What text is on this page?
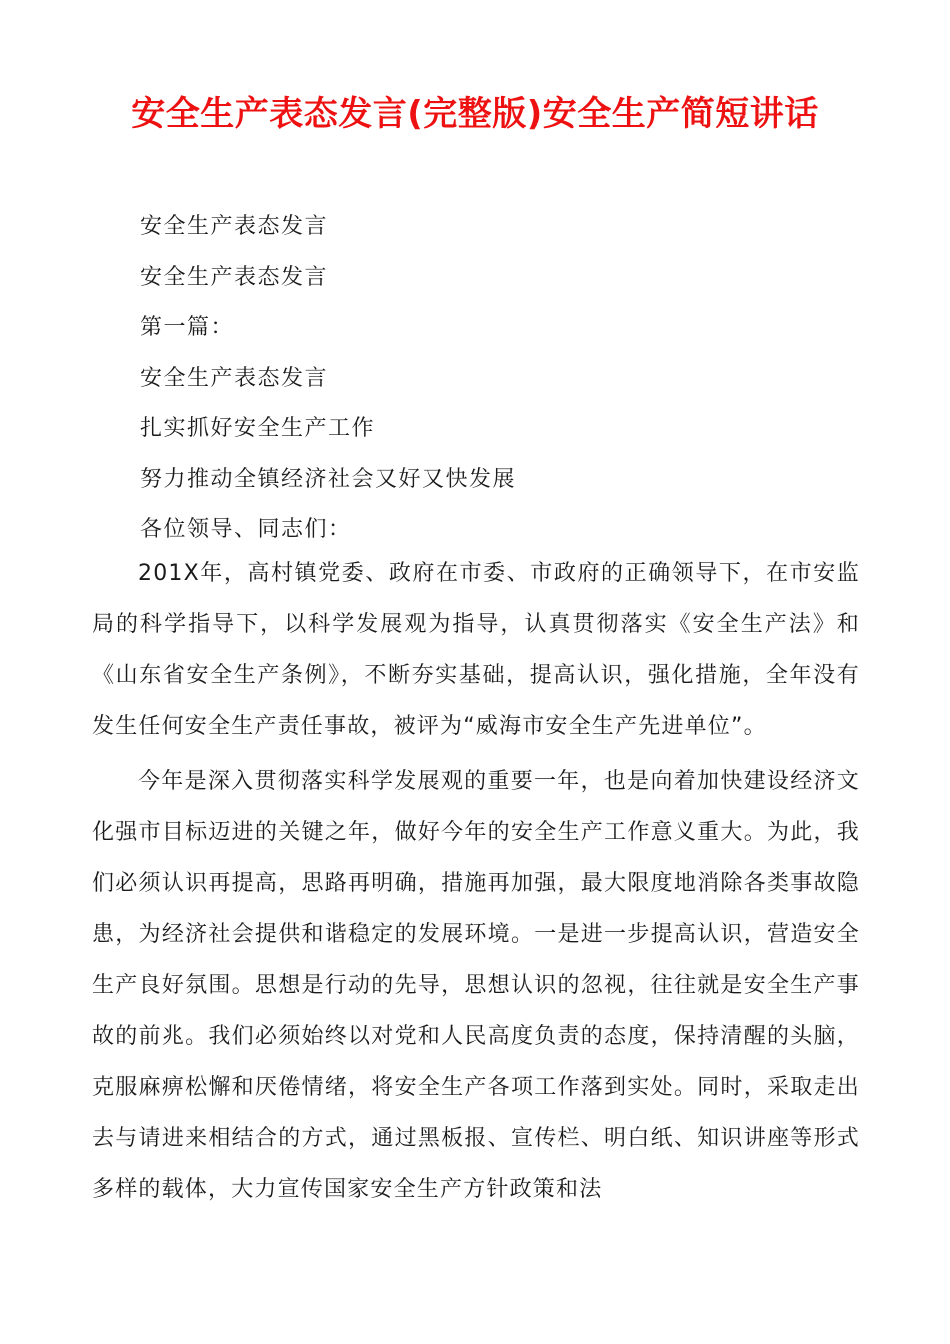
安全生产表态发言(完整版)安全生产简短讲话
安全生产表态发言
安全生产表态发言
第一篇：
安全生产表态发言
扎实抓好安全生产工作
努力推动全镇经济社会又好又快发展
各位领导、同志们：

201X年，高村镇党委、政府在市委、市政府的正确领导下，在市安监局的科学指导下，以科学发展观为指导，认真贯彻落实《安全生产法》和《山东省安全生产条例》，不断夯实基础，提高认识，强化措施，全年没有发生任何安全生产责任事故，被评为“威海市安全生产先进单位”。

今年是深入贯彻落实科学发展观的重要一年，也是向着加快建设经济文化强市目标迈进的关键之年，做好今年的安全生产工作意义重大。为此，我们必须认识再提高，思路再明确，措施再加强，最大限度地消除各类事故隐患，为经济社会提供和谐稳定的发展环境。一是进一步提高认识，营造安全生产良好氛围。思想是行动的先导，思想认识的忽视，往往就是安全生产事故的前兆。我们必须始终以对党和人民高度负责的态度，保持清醒的头脑，克服麻痹松懈和厌倦情绪，将安全生产各项工作落到实处。同时，采取走出去与请进来相结合的方式，通过黑板报、宣传栏、明白纸、知识讲座等形式多样的载体，大力宣传国家安全生产方针政策和法
